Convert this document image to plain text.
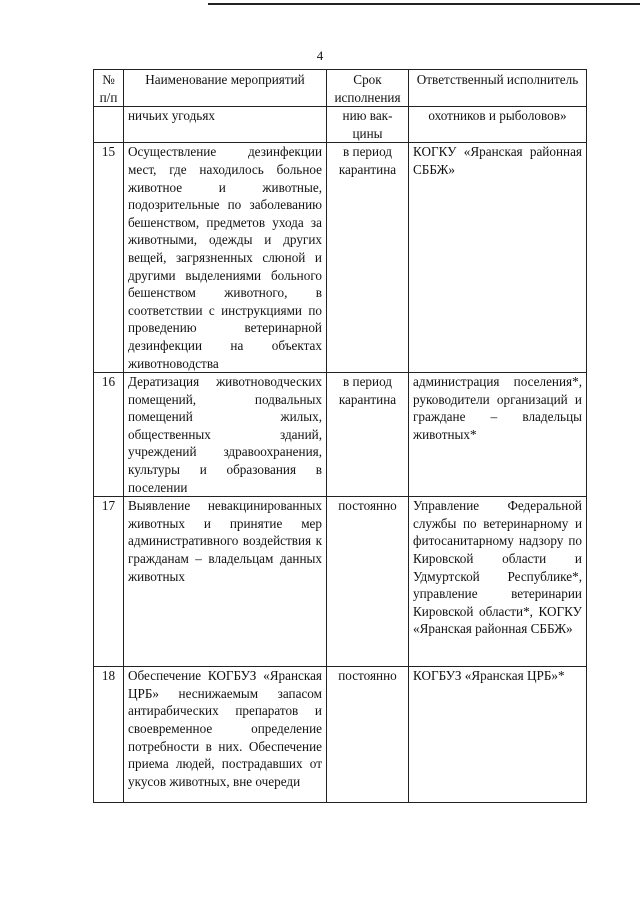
4
№ п/п	Наименование мероприятий	Срок исполнения	Ответственный исполнитель
	ничьих угодьях	нию вак-цины	охотников и рыболовов»
15	Осуществление дезинфекции мест, где находилось больное животное и животные, подозрительные по заболеванию бешенством, предметов ухода за животными, одежды и других вещей, загрязненных слюной и другими выделениями больного бешенством животного, в соответствии с инструкциями по проведению ветеринарной дезинфекции на объектах животноводства	в период карантина	КОГКУ «Яранская районная СББЖ»
16	Дератизация животноводческих помещений, подвальных помещений жилых, общественных зданий, учреждений здравоохранения, культуры и образования в поселении	в период карантина	администрация поселения*, руководители организаций и граждане – владельцы животных*
17	Выявление невакцинированных животных и принятие мер административного воздействия к гражданам – владельцам данных животных	постоянно	Управление Федеральной службы по ветеринарному и фитосанитарному надзору по Кировской области и Удмуртской Республике*, управление ветеринарии Кировской области*, КОГКУ «Яранская районная СББЖ»
18	Обеспечение КОГБУЗ «Яранская ЦРБ» неснижаемым запасом антирабических препаратов и своевременное определение потребности в них. Обеспечение приема людей, пострадавших от укусов животных, вне очереди	постоянно	КОГБУЗ «Яранская ЦРБ»*
